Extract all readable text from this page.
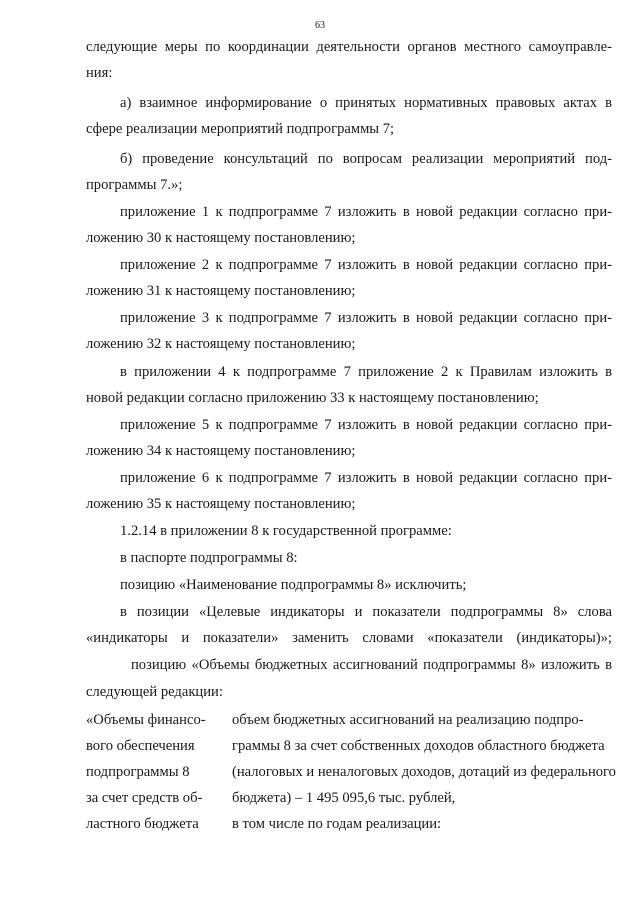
63
следующие меры по координации деятельности органов местного самоуправле-
ния:
а) взаимное информирование о принятых нормативных правовых актах в
сфере реализации мероприятий подпрограммы 7;
б) проведение консультаций по вопросам реализации мероприятий под-
программы 7.»;
приложение 1 к подпрограмме 7 изложить в новой редакции согласно при-
ложению 30 к настоящему постановлению;
приложение 2 к подпрограмме 7 изложить в новой редакции согласно при-
ложению 31 к настоящему постановлению;
приложение 3 к подпрограмме 7 изложить в новой редакции согласно при-
ложению 32 к настоящему постановлению;
в приложении 4 к подпрограмме 7 приложение 2 к Правилам изложить в
новой редакции согласно приложению 33 к настоящему постановлению;
приложение 5 к подпрограмме 7 изложить в новой редакции согласно при-
ложению 34 к настоящему постановлению;
приложение 6 к подпрограмме 7 изложить в новой редакции согласно при-
ложению 35 к настоящему постановлению;
1.2.14 в приложении 8 к государственной программе:
в паспорте подпрограммы 8:
позицию «Наименование подпрограммы 8» исключить;
в позиции «Целевые индикаторы и показатели подпрограммы 8» слова
«индикаторы и показатели» заменить словами «показатели (индикаторы)»;
позицию «Объемы бюджетных ассигнований подпрограммы 8» изложить в
следующей редакции:
«Объемы финансо-
вого обеспечения
подпрограммы 8
за счет средств об-
ластного бюджета
объем бюджетных ассигнований на реализацию подпро-
граммы 8 за счет собственных доходов областного бюджета
(налоговых и неналоговых доходов, дотаций из федерального
бюджета) – 1 495 095,6 тыс. рублей,
в том числе по годам реализации:
